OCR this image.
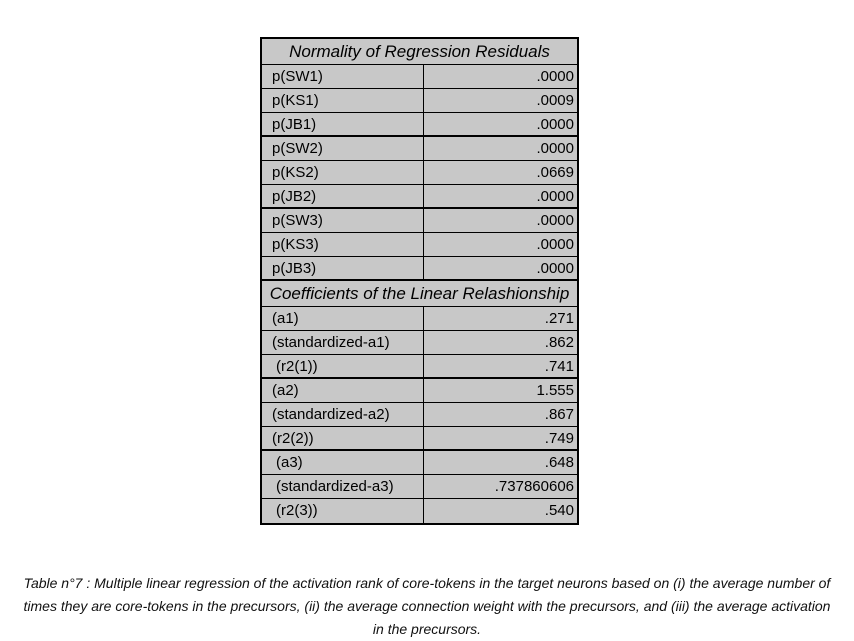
Normality of Regression Residuals
p(SW1)	.0000
p(KS1)	.0009
p(JB1)	.0000
p(SW2)	.0000
p(KS2)	.0669
p(JB2)	.0000
p(SW3)	.0000
p(KS3)	.0000
p(JB3)	.0000
Coefficients of the Linear Relashionship
(a1)	.271
(standardized-a1)	.862
(r2(1))	.741
(a2)	1.555
(standardized-a2)	.867
(r2(2))	.749
(a3)	.648
(standardized-a3)	.737860606
(r2(3))	.540
Table n°7 : Multiple linear regression of the activation rank of core-tokens in the target neurons based on (i) the average number of times they are core-tokens in the precursors, (ii) the average connection weight with the precursors, and (iii) the average activation in the precursors.
